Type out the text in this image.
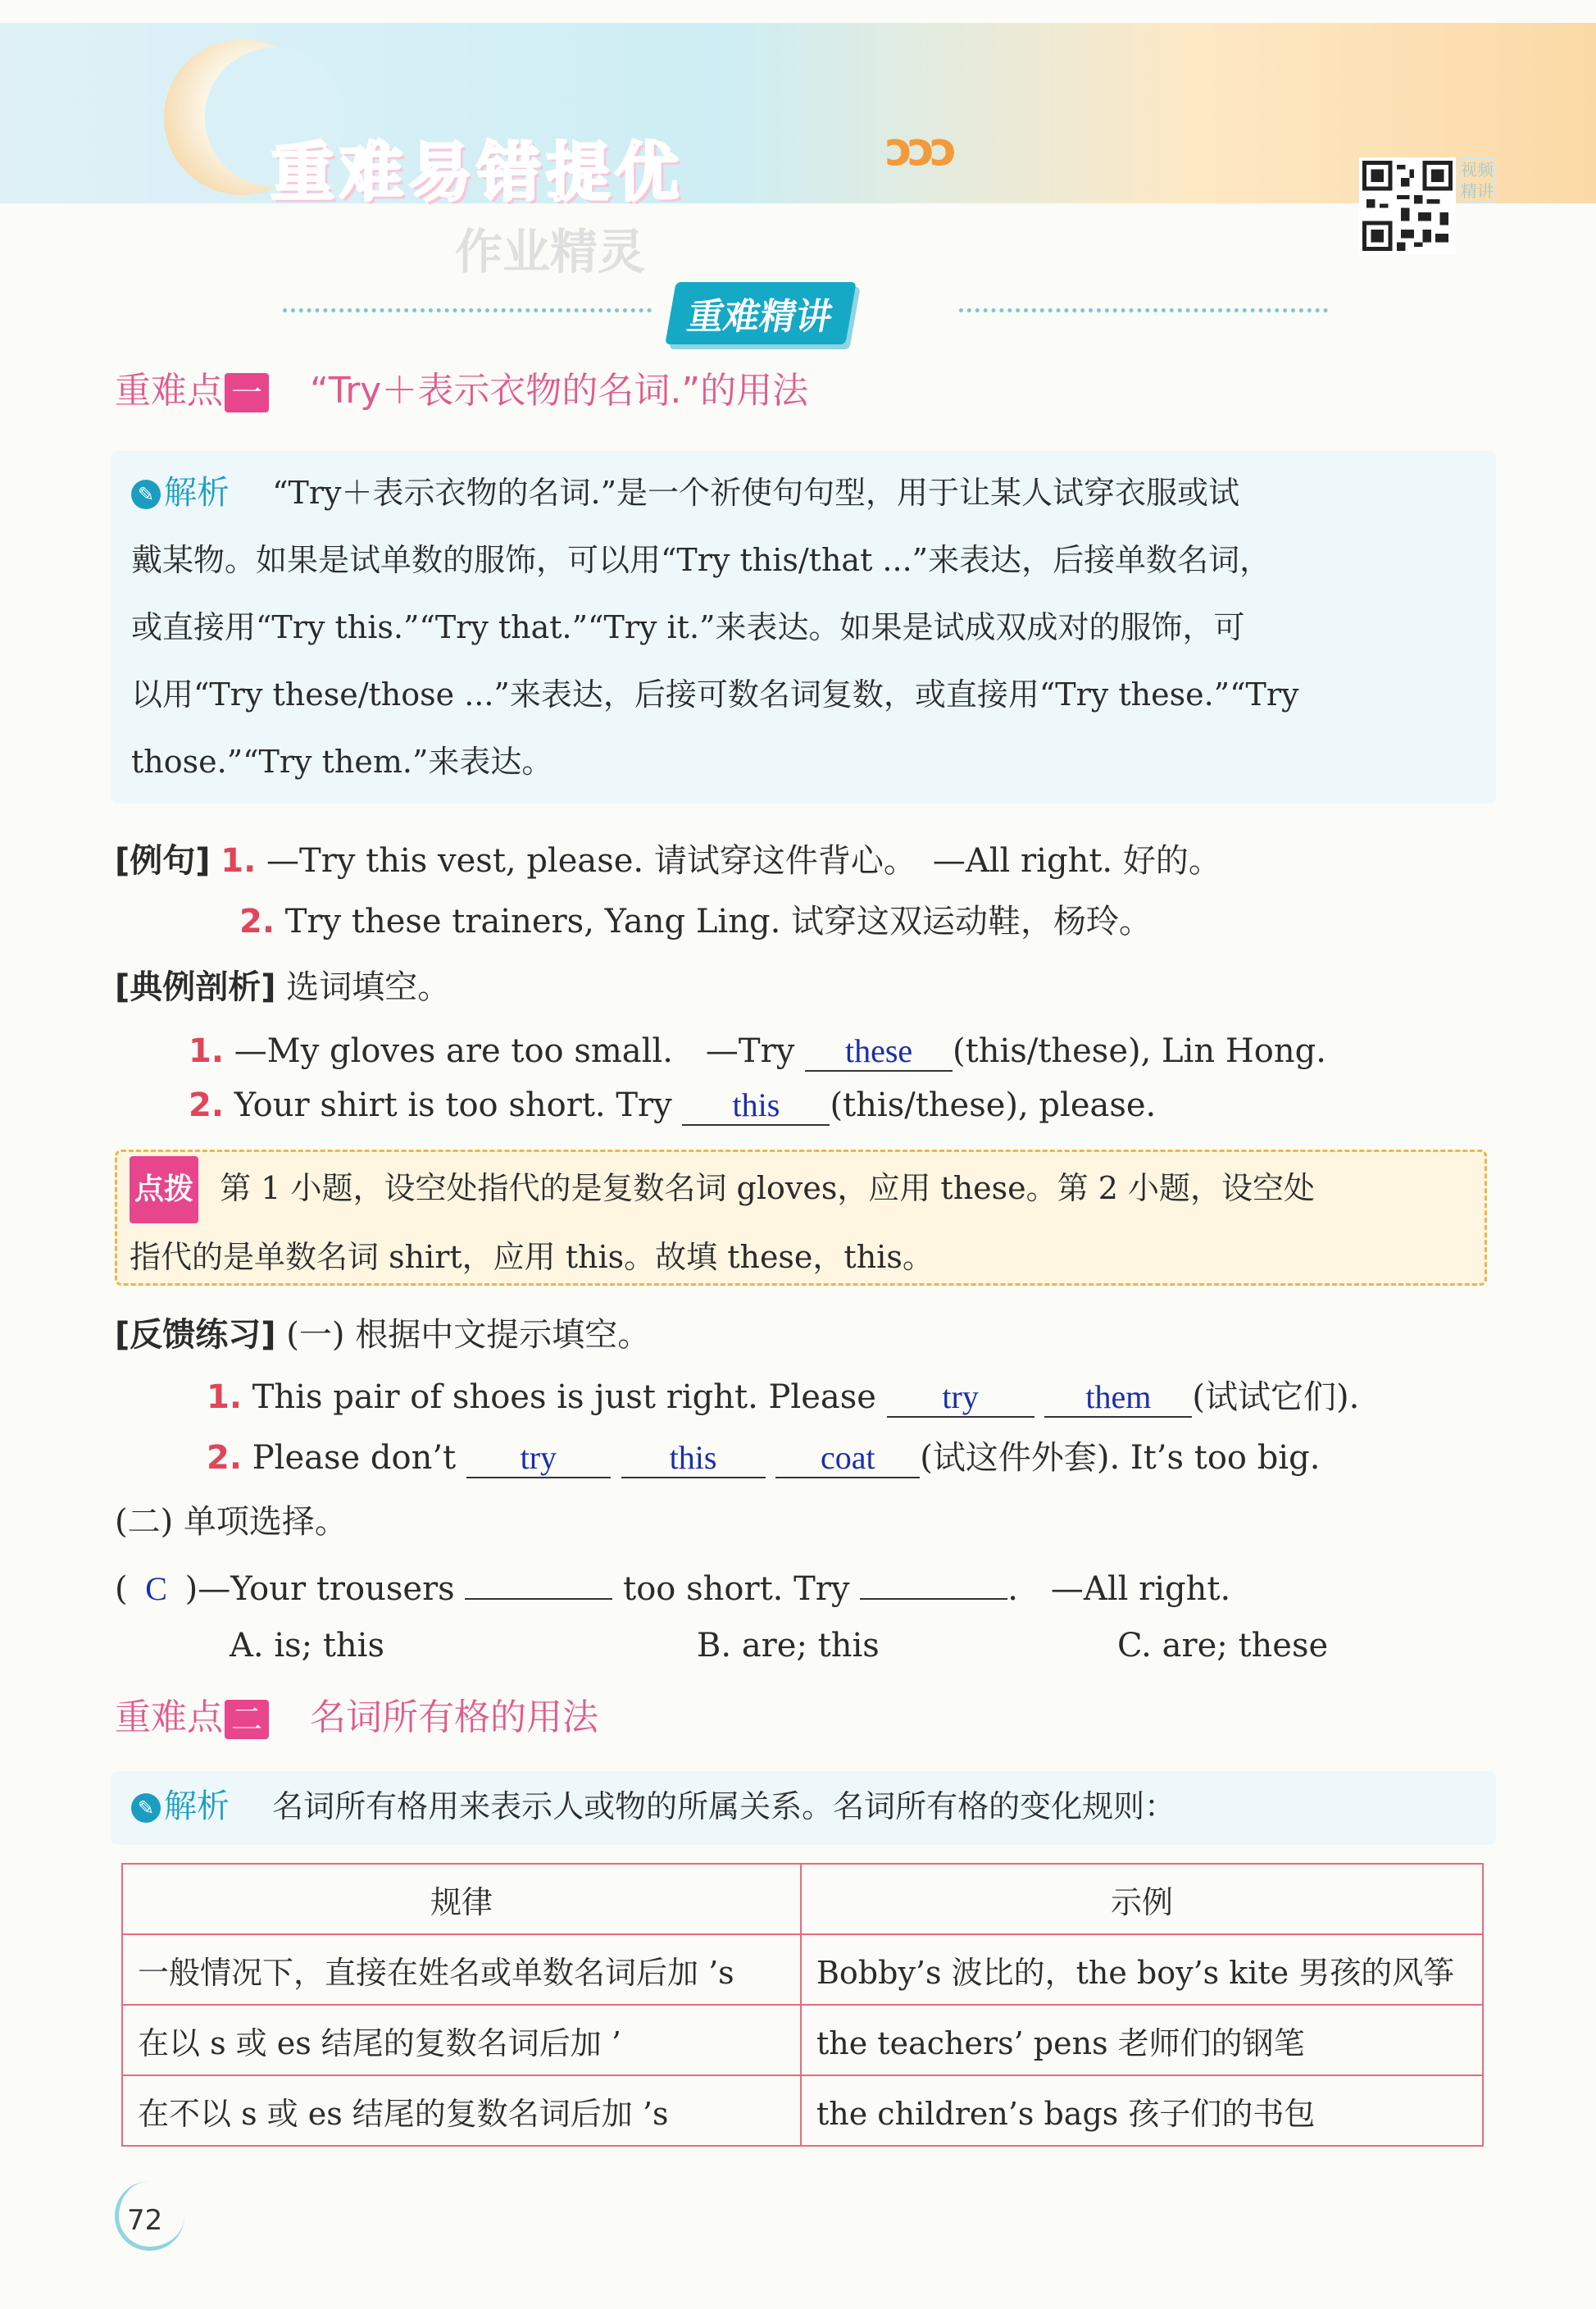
重难易错提优	ↄↄↄ
作业精灵
视频精讲
重难精讲
重难点 一 “Try＋表示衣物的名词.”的用法
✎ 解析 “Try＋表示衣物的名词.”是一个祈使句句型，用于让某人试穿衣服或试
戴某物。如果是试单数的服饰，可以用“Try this/that ...”来表达，后接单数名词，
或直接用“Try this.”“Try that.”“Try it.”来表达。如果是试成双成对的服饰，可
以用“Try these/those ...”来表达，后接可数名词复数，或直接用“Try these.”“Try
those.”“Try them.”来表达。
[例句] 1. —Try this vest, please. 请试穿这件背心。　—All right. 好的。
2. Try these trainers, Yang Ling. 试穿这双运动鞋，杨玲。
[典例剖析] 选词填空。
1. —My gloves are too small.　—Try these (this/these), Lin Hong.
2. Your shirt is too short. Try this (this/these), please.
点拨 第 1 小题，设空处指代的是复数名词 gloves，应用 these。第 2 小题，设空处
指代的是单数名词 shirt，应用 this。故填 these，this。
[反馈练习] (一) 根据中文提示填空。
1. This pair of shoes is just right. Please try	them (试试它们).
2. Please don’t try	this	coat (试这件外套). It’s too big.
(二) 单项选择。
( C )—Your trousers	too short. Try	.　—All right.
A. is; this	B. are; this	C. are; these
重难点 二 名词所有格的用法
✎ 解析 名词所有格用来表示人或物的所属关系。名词所有格的变化规则：
规律	示例
一般情况下，直接在姓名或单数名词后加 ’s	Bobby’s 波比的，the boy’s kite 男孩的风筝
在以 s 或 es 结尾的复数名词后加 ’	the teachers’ pens 老师们的钢笔
在不以 s 或 es 结尾的复数名词后加 ’s	the children’s bags 孩子们的书包
72
